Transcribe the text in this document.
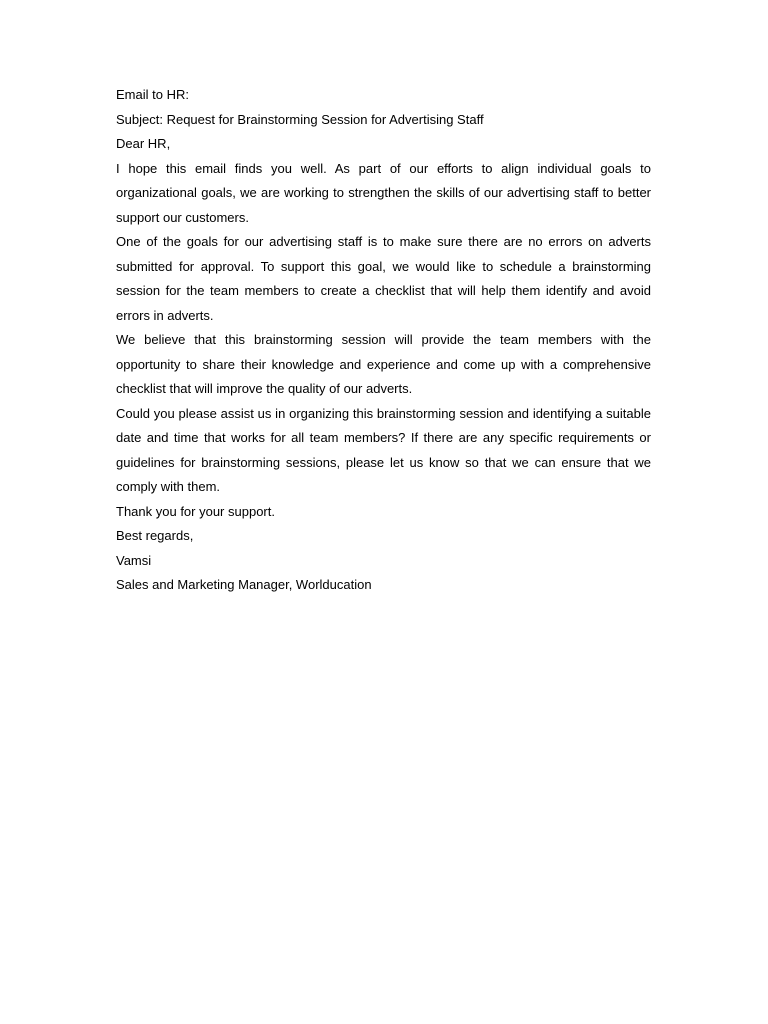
Email to HR:

Subject: Request for Brainstorming Session for Advertising Staff

Dear HR,

I hope this email finds you well. As part of our efforts to align individual goals to organizational goals, we are working to strengthen the skills of our advertising staff to better support our customers.

One of the goals for our advertising staff is to make sure there are no errors on adverts submitted for approval. To support this goal, we would like to schedule a brainstorming session for the team members to create a checklist that will help them identify and avoid errors in adverts.

We believe that this brainstorming session will provide the team members with the opportunity to share their knowledge and experience and come up with a comprehensive checklist that will improve the quality of our adverts.

Could you please assist us in organizing this brainstorming session and identifying a suitable date and time that works for all team members? If there are any specific requirements or guidelines for brainstorming sessions, please let us know so that we can ensure that we comply with them.

Thank you for your support.

Best regards,

Vamsi

Sales and Marketing Manager, Worlducation
